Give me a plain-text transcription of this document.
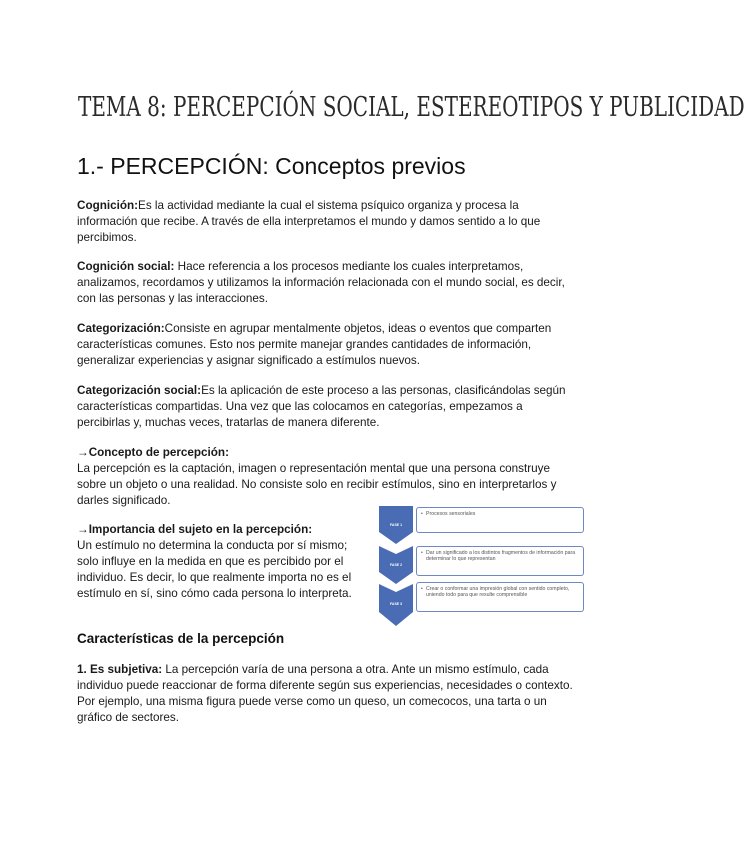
TEMA 8: PERCEPCIÓN SOCIAL, ESTEREOTIPOS Y PUBLICIDAD
1.- PERCEPCIÓN: Conceptos previos
Cognición:Es la actividad mediante la cual el sistema psíquico organiza y procesa la información que recibe. A través de ella interpretamos el mundo y damos sentido a lo que percibimos.
Cognición social: Hace referencia a los procesos mediante los cuales interpretamos, analizamos, recordamos y utilizamos la información relacionada con el mundo social, es decir, con las personas y las interacciones.
Categorización:Consiste en agrupar mentalmente objetos, ideas o eventos que comparten características comunes. Esto nos permite manejar grandes cantidades de información, generalizar experiencias y asignar significado a estímulos nuevos.
Categorización social:Es la aplicación de este proceso a las personas, clasificándolas según características compartidas. Una vez que las colocamos en categorías, empezamos a percibirlas y, muchas veces, tratarlas de manera diferente.
→Concepto de percepción:
La percepción es la captación, imagen o representación mental que una persona construye sobre un objeto o una realidad. No consiste solo en recibir estímulos, sino en interpretarlos y darles significado.
→Importancia del sujeto en la percepción:
Un estímulo no determina la conducta por sí mismo; solo influye en la medida en que es percibido por el individuo. Es decir, lo que realmente importa no es el estímulo en sí, sino cómo cada persona lo interpreta.
FASE 1
• Procesos sensoriales
FASE 2
• Dar un significado a los distintos fragmentos de información para determinar lo que representan
FASE 3
• Crear o conformar una impresión global con sentido completo, uniendo todo para que resulte comprensible
Características de la percepción
1. Es subjetiva: La percepción varía de una persona a otra. Ante un mismo estímulo, cada individuo puede reaccionar de forma diferente según sus experiencias, necesidades o contexto. Por ejemplo, una misma figura puede verse como un queso, un comecocos, una tarta o un gráfico de sectores.
